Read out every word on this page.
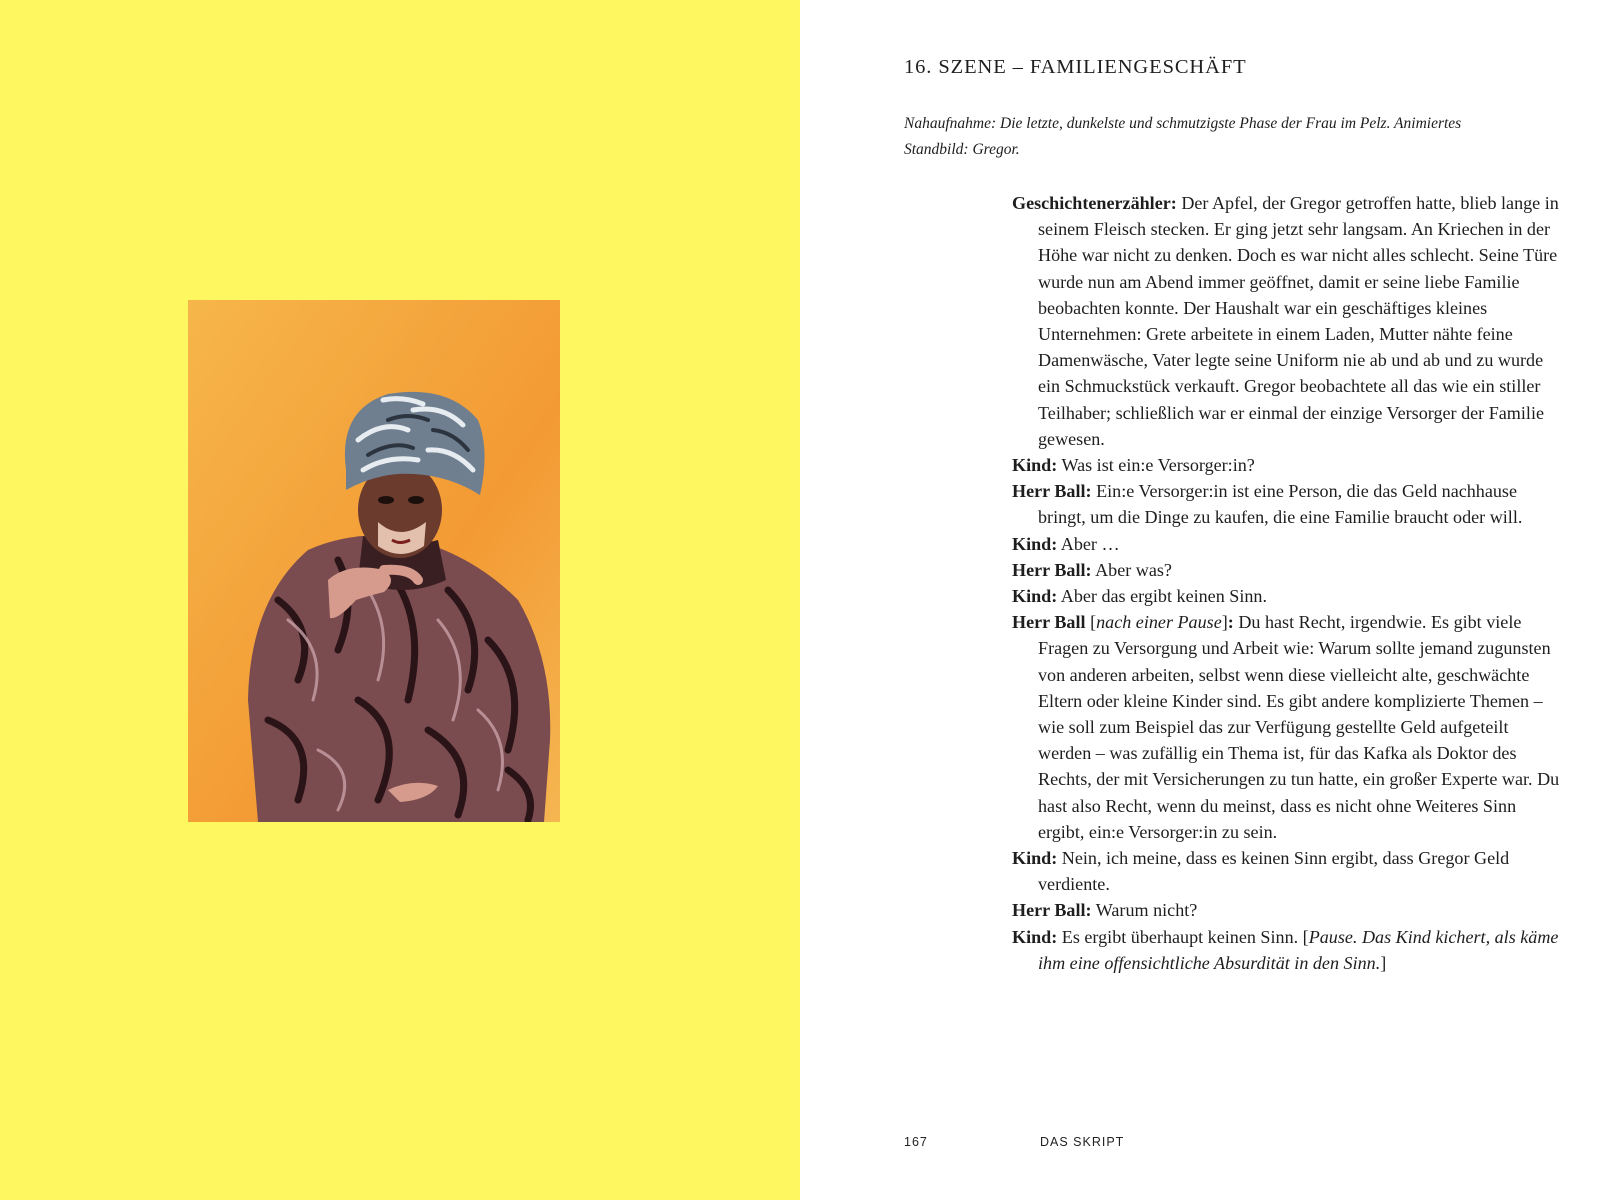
16. SZENE – FAMILIENGESCHÄFT

Nahaufnahme: Die letzte, dunkelste und schmutzigste Phase der Frau im Pelz. Animiertes Standbild: Gregor.

Geschichtenerzähler: Der Apfel, der Gregor getroffen hatte, blieb lange in seinem Fleisch stecken. Er ging jetzt sehr langsam. An Kriechen in der Höhe war nicht zu denken. Doch es war nicht alles schlecht. Seine Türe wurde nun am Abend immer geöffnet, damit er seine liebe Familie beobachten konnte. Der Haushalt war ein geschäftiges kleines Unternehmen: Grete arbeitete in einem Laden, Mutter nähte feine Damenwäsche, Vater legte seine Uniform nie ab und ab und zu wurde ein Schmuckstück verkauft. Gregor beobachtete all das wie ein stiller Teilhaber; schließlich war er einmal der einzige Versorger der Familie gewesen.

Kind: Was ist ein:e Versorger:in?

Herr Ball: Ein:e Versorger:in ist eine Person, die das Geld nachhause bringt, um die Dinge zu kaufen, die eine Familie braucht oder will.

Kind: Aber …

Herr Ball: Aber was?

Kind: Aber das ergibt keinen Sinn.

Herr Ball [nach einer Pause]: Du hast Recht, irgendwie. Es gibt viele Fragen zu Versorgung und Arbeit wie: Warum sollte jemand zugunsten von anderen arbeiten, selbst wenn diese vielleicht alte, geschwächte Eltern oder kleine Kinder sind. Es gibt andere komplizierte Themen – wie soll zum Beispiel das zur Verfügung gestellte Geld aufgeteilt werden – was zufällig ein Thema ist, für das Kafka als Doktor des Rechts, der mit Versicherungen zu tun hatte, ein großer Experte war. Du hast also Recht, wenn du meinst, dass es nicht ohne Weiteres Sinn ergibt, ein:e Versorger:in zu sein.

Kind: Nein, ich meine, dass es keinen Sinn ergibt, dass Gregor Geld verdiente.

Herr Ball: Warum nicht?

Kind: Es ergibt überhaupt keinen Sinn. [Pause. Das Kind kichert, als käme ihm eine offensichtliche Absurdität in den Sinn.]

167	DAS SKRIPT
